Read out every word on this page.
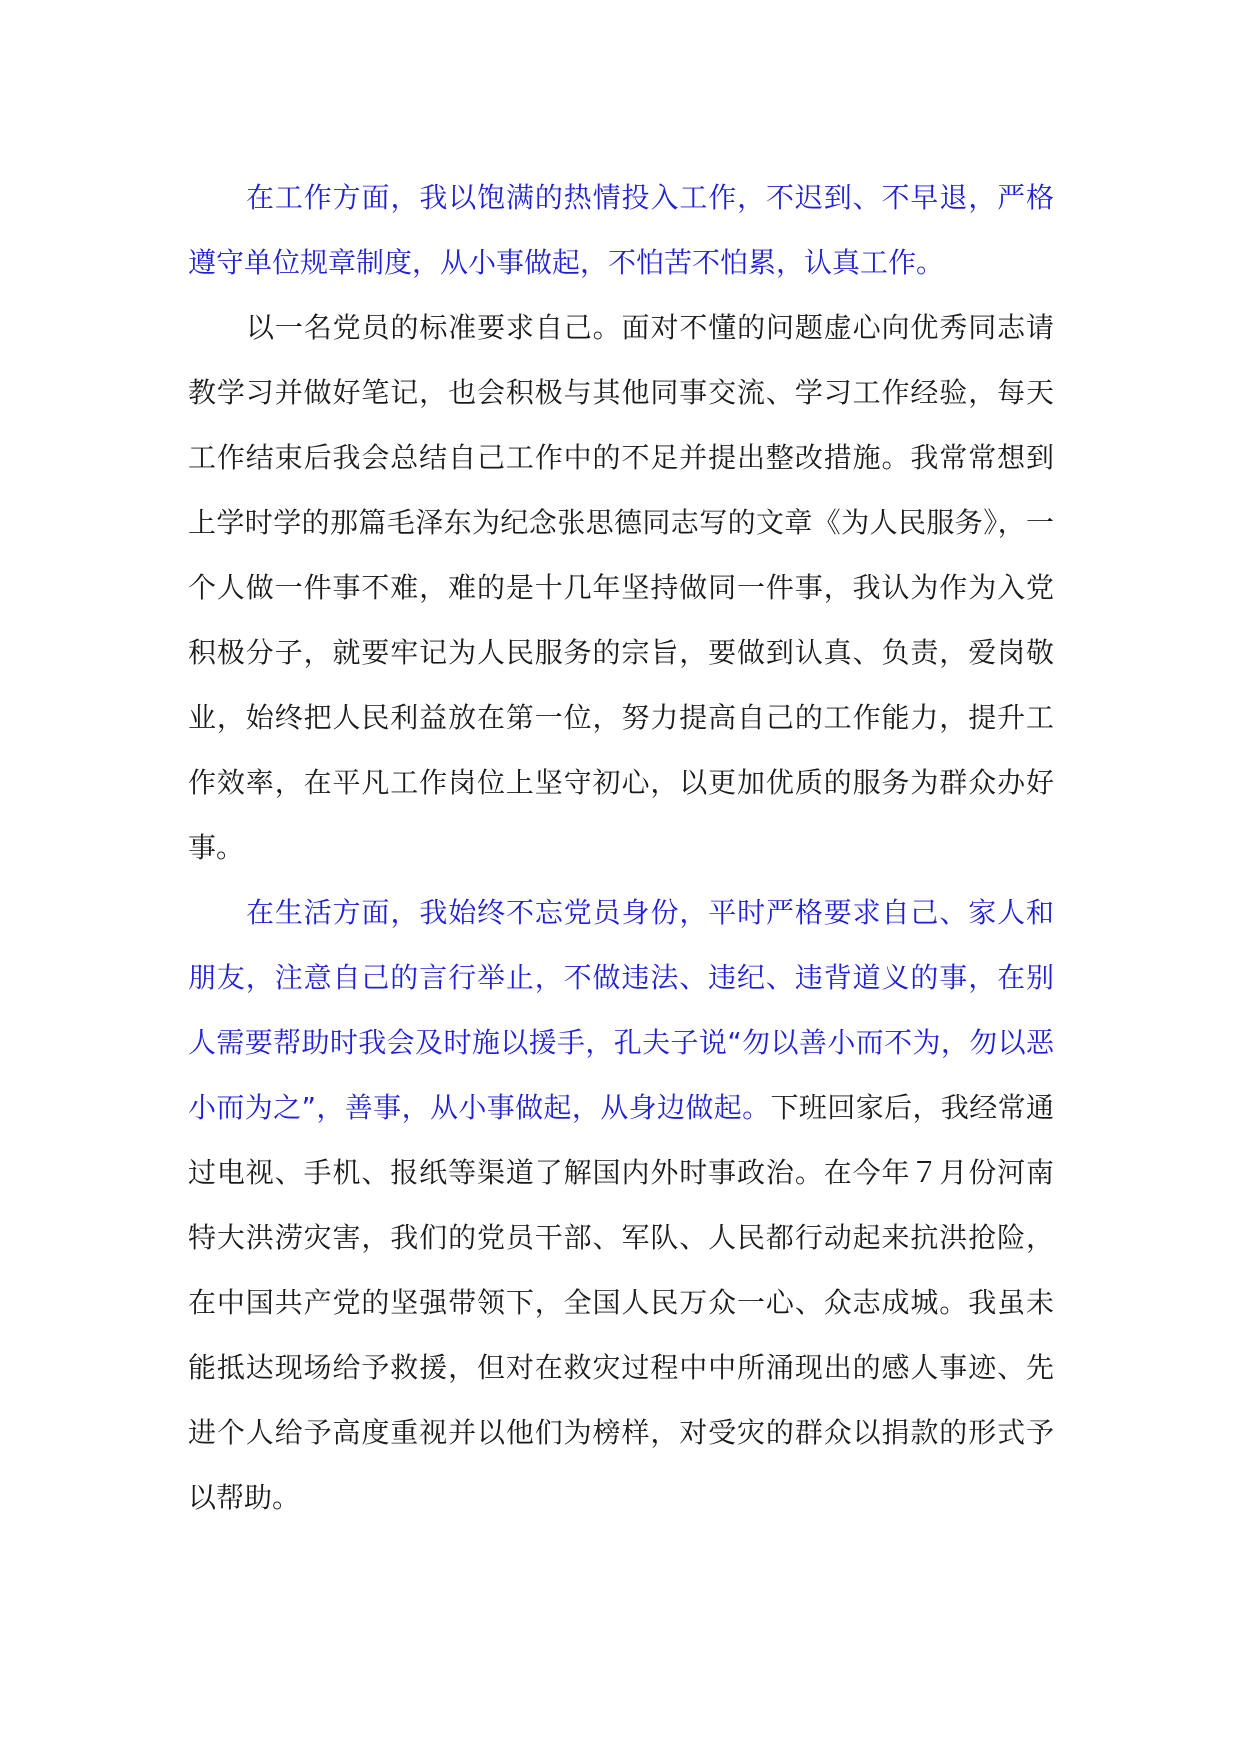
在工作方面，我以饱满的热情投入工作，不迟到、不早退，严格遵守单位规章制度，从小事做起，不怕苦不怕累，认真工作。

以一名党员的标准要求自己。面对不懂的问题虚心向优秀同志请教学习并做好笔记，也会积极与其他同事交流、学习工作经验，每天工作结束后我会总结自己工作中的不足并提出整改措施。我常常想到上学时学的那篇毛泽东为纪念张思德同志写的文章《为人民服务》，一个人做一件事不难，难的是十几年坚持做同一件事，我认为作为入党积极分子，就要牢记为人民服务的宗旨，要做到认真、负责，爱岗敬业，始终把人民利益放在第一位，努力提高自己的工作能力，提升工作效率，在平凡工作岗位上坚守初心，以更加优质的服务为群众办好事。

在生活方面，我始终不忘党员身份，平时严格要求自己、家人和朋友，注意自己的言行举止，不做违法、违纪、违背道义的事，在别人需要帮助时我会及时施以援手，孔夫子说“勿以善小而不为，勿以恶小而为之”，善事，从小事做起，从身边做起。下班回家后，我经常通过电视、手机、报纸等渠道了解国内外时事政治。在今年７月份河南特大洪涝灾害，我们的党员干部、军队、人民都行动起来抗洪抢险，在中国共产党的坚强带领下，全国人民万众一心、众志成城。我虽未能抵达现场给予救援，但对在救灾过程中中所涌现出的感人事迹、先进个人给予高度重视并以他们为榜样，对受灾的群众以捐款的形式予以帮助。
